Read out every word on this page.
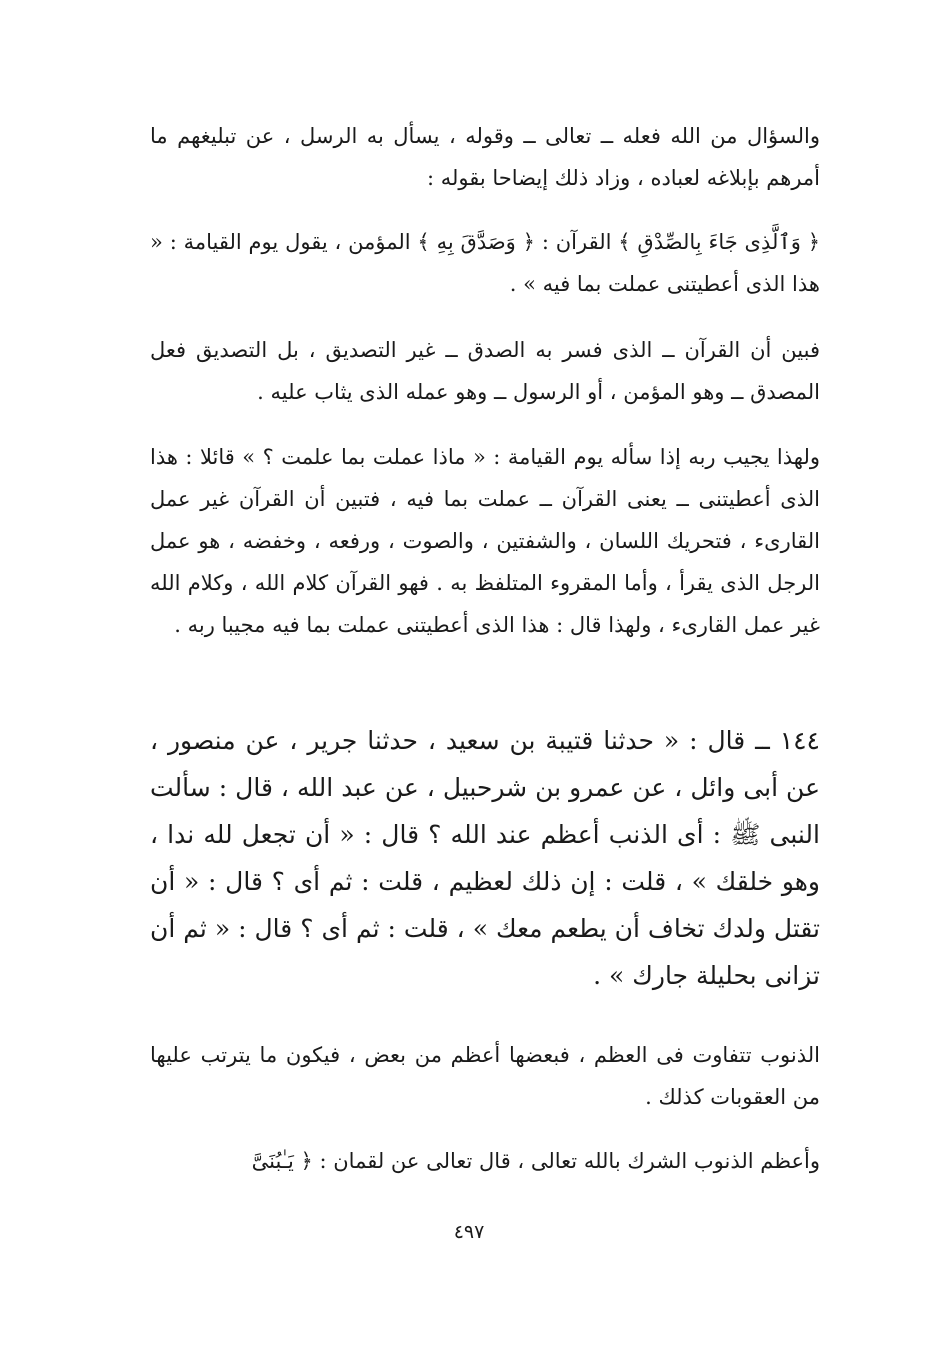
والسؤال من الله فعله ــ تعالى ــ وقوله ، يسأل به الرسل ، عن تبليغهم ما أمرهم بإبلاغه لعباده ، وزاد ذلك إيضاحا بقوله :

﴿ وَٱلَّذِى جَاءَ بِالصِّدْقِ ﴾ القرآن : ﴿ وَصَدَّقَ بِهِ ﴾ المؤمن ، يقول يوم القيامة : « هذا الذى أعطيتنى عملت بما فيه » .

فبين أن القرآن ــ الذى فسر به الصدق ــ غير التصديق ، بل التصديق فعل المصدق ــ وهو المؤمن ، أو الرسول ــ وهو عمله الذى يثاب عليه .

ولهذا يجيب ربه إذا سأله يوم القيامة : « ماذا عملت بما علمت ؟ » قائلا : هذا الذى أعطيتنى ــ يعنى القرآن ــ عملت بما فيه ، فتبين أن القرآن غير عمل القارىء ، فتحريك اللسان ، والشفتين ، والصوت ، ورفعه ، وخفضه ، هو عمل الرجل الذى يقرأ ، وأما المقروء المتلفظ به . فهو القرآن كلام الله ، وكلام الله غير عمل القارىء ، ولهذا قال : هذا الذى أعطيتنى عملت بما فيه مجيبا ربه .

١٤٤ ــ قال : « حدثنا قتيبة بن سعيد ، حدثنا جرير ، عن منصور ، عن أبى وائل ، عن عمرو بن شرحبيل ، عن عبد الله ، قال : سألت النبى ﷺ : أى الذنب أعظم عند الله ؟ قال : « أن تجعل لله ندا ، وهو خلقك » ، قلت : إن ذلك لعظيم ، قلت : ثم أى ؟ قال : « أن تقتل ولدك تخاف أن يطعم معك » ، قلت : ثم أى ؟ قال : « ثم أن تزانى بحليلة جارك » .

الذنوب تتفاوت فى العظم ، فبعضها أعظم من بعض ، فيكون ما يترتب عليها من العقوبات كذلك .

وأعظم الذنوب الشرك بالله تعالى ، قال تعالى عن لقمان : ﴿ يَـٰبُنَىَّ

٤٩٧
